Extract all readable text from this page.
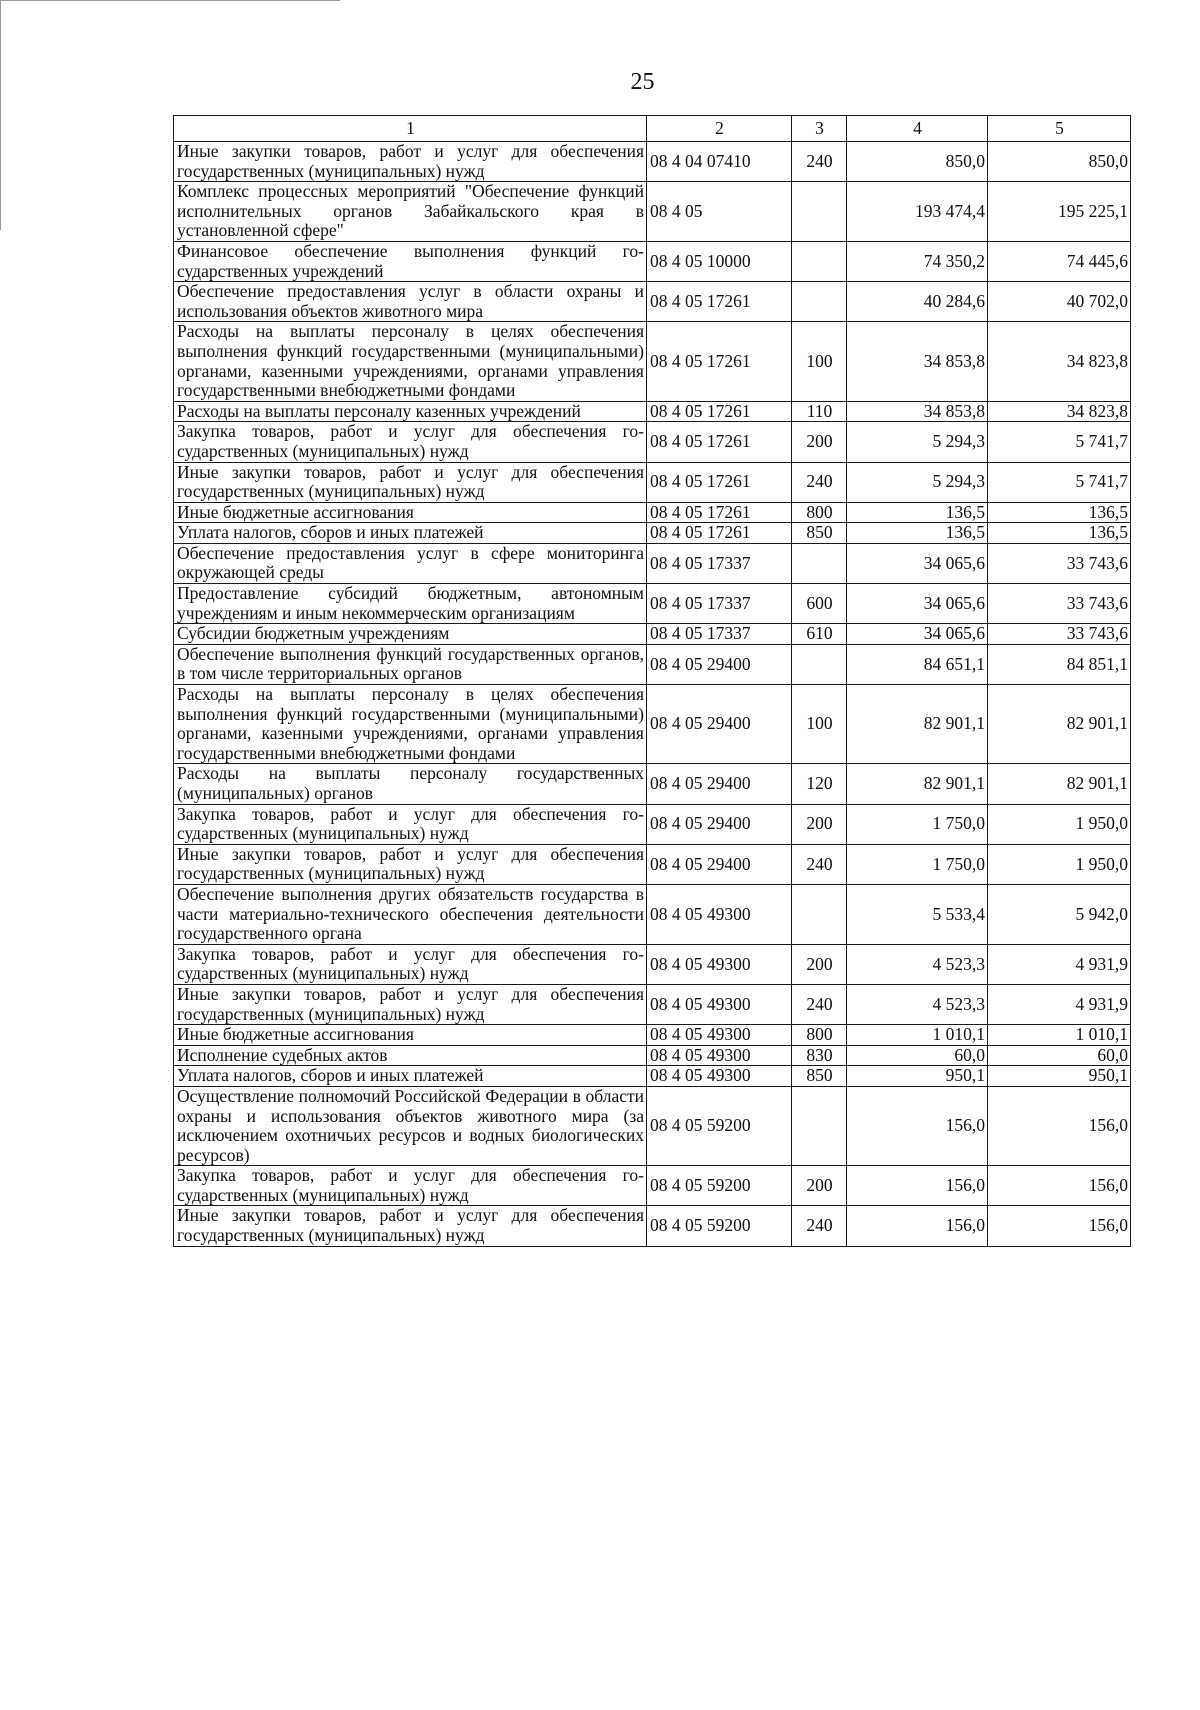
25
1	2	3	4	5
Иные закупки товаров, работ и услуг для обеспечения государственных (муниципальных) нужд	08 4 04 07410	240	850,0	850,0
Комплекс процессных мероприятий "Обеспечение функций исполнительных органов Забайкальского края в установленной сфере"	08 4 05		193 474,4	195 225,1
Финансовое обеспечение выполнения функций государственных учреждений	08 4 05 10000		74 350,2	74 445,6
Обеспечение предоставления услуг в области охраны и использования объектов животного мира	08 4 05 17261		40 284,6	40 702,0
Расходы на выплаты персоналу в целях обеспечения выполнения функций государственными (муниципальными) органами, казенными учреждениями, органами управления государственными внебюджетными фондами	08 4 05 17261	100	34 853,8	34 823,8
Расходы на выплаты персоналу казенных учреждений	08 4 05 17261	110	34 853,8	34 823,8
Закупка товаров, работ и услуг для обеспечения государственных (муниципальных) нужд	08 4 05 17261	200	5 294,3	5 741,7
Иные закупки товаров, работ и услуг для обеспечения государственных (муниципальных) нужд	08 4 05 17261	240	5 294,3	5 741,7
Иные бюджетные ассигнования	08 4 05 17261	800	136,5	136,5
Уплата налогов, сборов и иных платежей	08 4 05 17261	850	136,5	136,5
Обеспечение предоставления услуг в сфере мониторинга окружающей среды	08 4 05 17337		34 065,6	33 743,6
Предоставление субсидий бюджетным, автономным учреждениям и иным некоммерческим организациям	08 4 05 17337	600	34 065,6	33 743,6
Субсидии бюджетным учреждениям	08 4 05 17337	610	34 065,6	33 743,6
Обеспечение выполнения функций государственных органов, в том числе территориальных органов	08 4 05 29400		84 651,1	84 851,1
Расходы на выплаты персоналу в целях обеспечения выполнения функций государственными (муниципальными) органами, казенными учреждениями, органами управления государственными внебюджетными фондами	08 4 05 29400	100	82 901,1	82 901,1
Расходы на выплаты персоналу государственных (муниципальных) органов	08 4 05 29400	120	82 901,1	82 901,1
Закупка товаров, работ и услуг для обеспечения государственных (муниципальных) нужд	08 4 05 29400	200	1 750,0	1 950,0
Иные закупки товаров, работ и услуг для обеспечения государственных (муниципальных) нужд	08 4 05 29400	240	1 750,0	1 950,0
Обеспечение выполнения других обязательств государства в части материально-технического обеспечения деятельности государственного органа	08 4 05 49300		5 533,4	5 942,0
Закупка товаров, работ и услуг для обеспечения государственных (муниципальных) нужд	08 4 05 49300	200	4 523,3	4 931,9
Иные закупки товаров, работ и услуг для обеспечения государственных (муниципальных) нужд	08 4 05 49300	240	4 523,3	4 931,9
Иные бюджетные ассигнования	08 4 05 49300	800	1 010,1	1 010,1
Исполнение судебных актов	08 4 05 49300	830	60,0	60,0
Уплата налогов, сборов и иных платежей	08 4 05 49300	850	950,1	950,1
Осуществление полномочий Российской Федерации в области охраны и использования объектов животного мира (за исключением охотничьих ресурсов и водных биологических ресурсов)	08 4 05 59200		156,0	156,0
Закупка товаров, работ и услуг для обеспечения государственных (муниципальных) нужд	08 4 05 59200	200	156,0	156,0
Иные закупки товаров, работ и услуг для обеспечения государственных (муниципальных) нужд	08 4 05 59200	240	156,0	156,0
